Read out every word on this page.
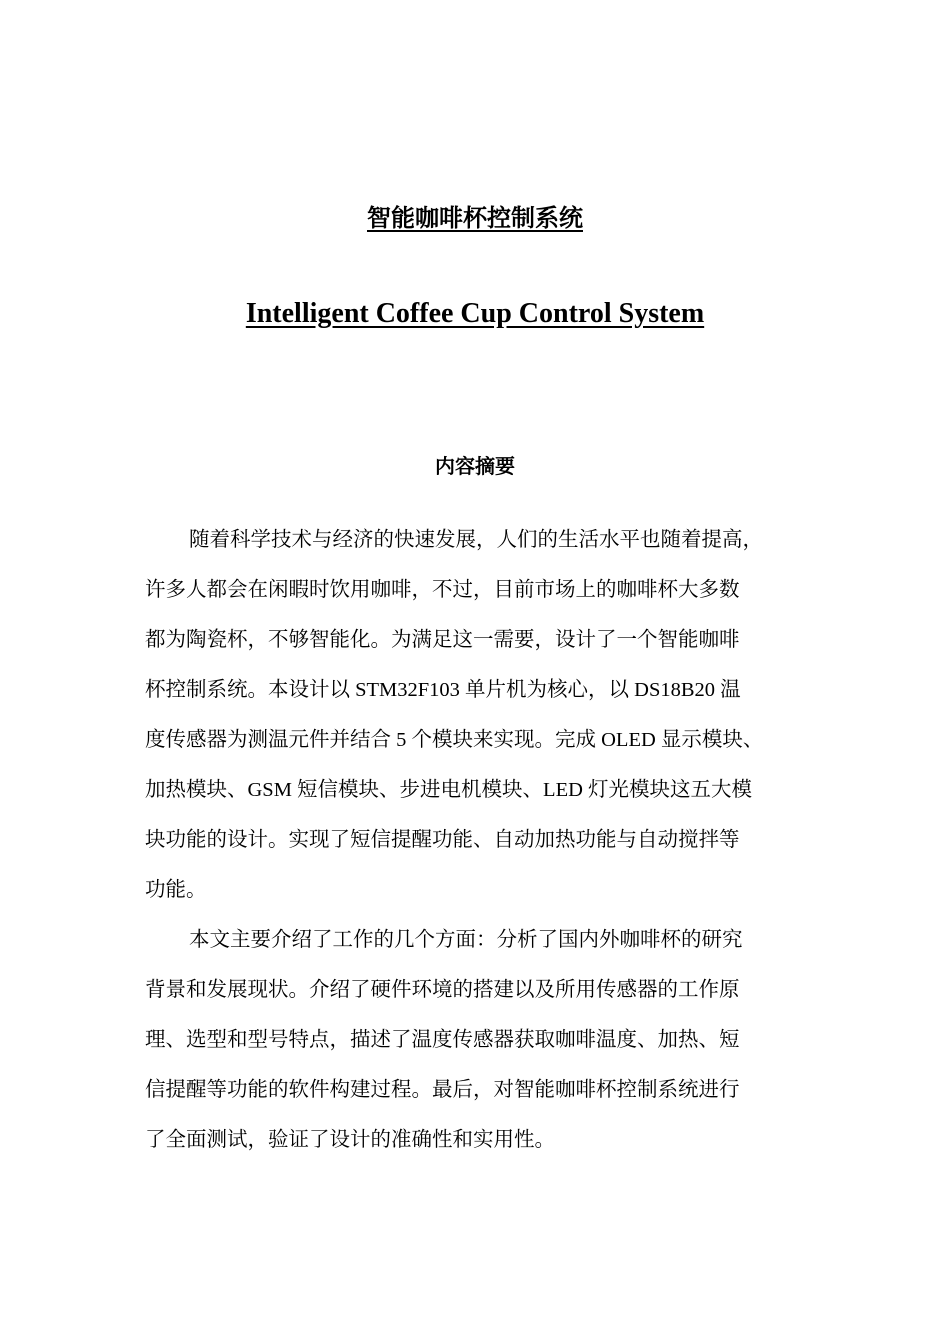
智能咖啡杯控制系统
Intelligent Coffee Cup Control System
内容摘要
随着科学技术与经济的快速发展，人们的生活水平也随着提高，
许多人都会在闲暇时饮用咖啡，不过，目前市场上的咖啡杯大多数
都为陶瓷杯，不够智能化。为满足这一需要，设计了一个智能咖啡
杯控制系统。本设计以 STM32F103 单片机为核心，以 DS18B20 温
度传感器为测温元件并结合 5 个模块来实现。完成 OLED 显示模块、
加热模块、GSM 短信模块、步进电机模块、LED 灯光模块这五大模
块功能的设计。实现了短信提醒功能、自动加热功能与自动搅拌等
功能。
本文主要介绍了工作的几个方面：分析了国内外咖啡杯的研究
背景和发展现状。介绍了硬件环境的搭建以及所用传感器的工作原
理、选型和型号特点，描述了温度传感器获取咖啡温度、加热、短
信提醒等功能的软件构建过程。最后，对智能咖啡杯控制系统进行
了全面测试，验证了设计的准确性和实用性。
